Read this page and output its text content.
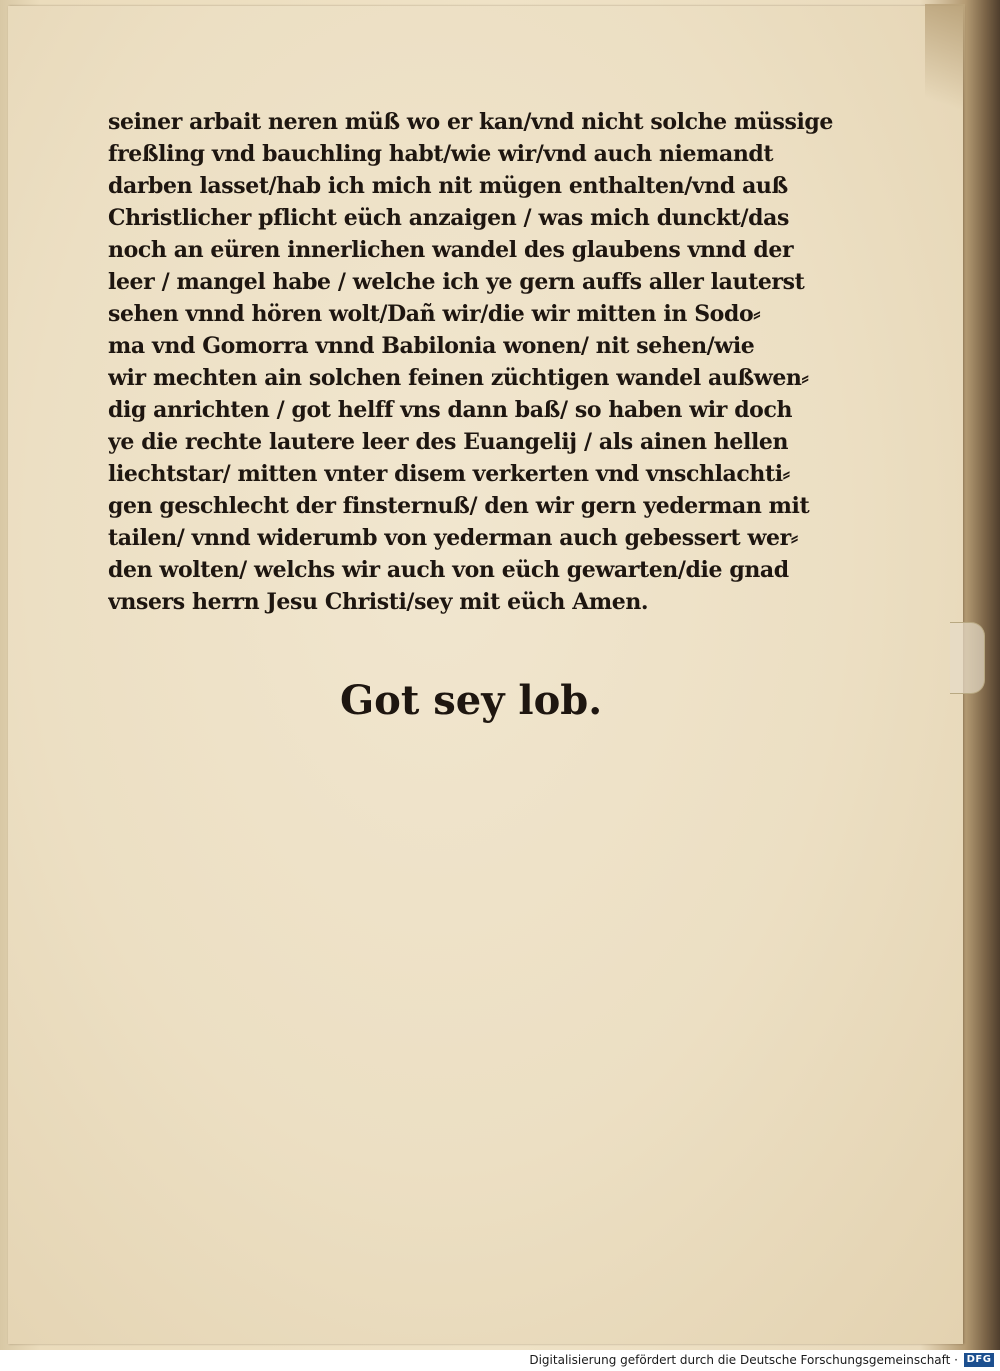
seiner arbait neren müß wo er kan/vnd nicht solche müssige
freßling vnd bauchling habt/wie wir/vnd auch niemandt
darben lasset/hab ich mich nit mügen enthalten/vnd auß
Christlicher pflicht eüch anzaigen / was mich dunckt/das
noch an eüren innerlichen wandel des glaubens vnnd der
leer / mangel habe / welche ich ye gern auffs aller lauterst
sehen vnnd hören wolt/Dañ wir/die wir mitten in Sodo⸗
ma vnd Gomorra vnnd Babilonia wonen/ nit sehen/wie
wir mechten ain solchen feinen züchtigen wandel außwen⸗
dig anrichten / got helff vns dann baß/ so haben wir doch
ye die rechte lautere leer des Euangelij / als ainen hellen
liechtstar/ mitten vnter disem verkerten vnd vnschlachti⸗
gen geschlecht der finsternuß/ den wir gern yederman mit
tailen/ vnnd widerumb von yederman auch gebessert wer⸗
den wolten/ welchs wir auch von eüch gewarten/die gnad
vnsers herrn Jesu Christi/sey mit eüch Amen.
Got sey lob.
Digitalisierung gefördert durch die Deutsche Forschungsgemeinschaft · DFG
